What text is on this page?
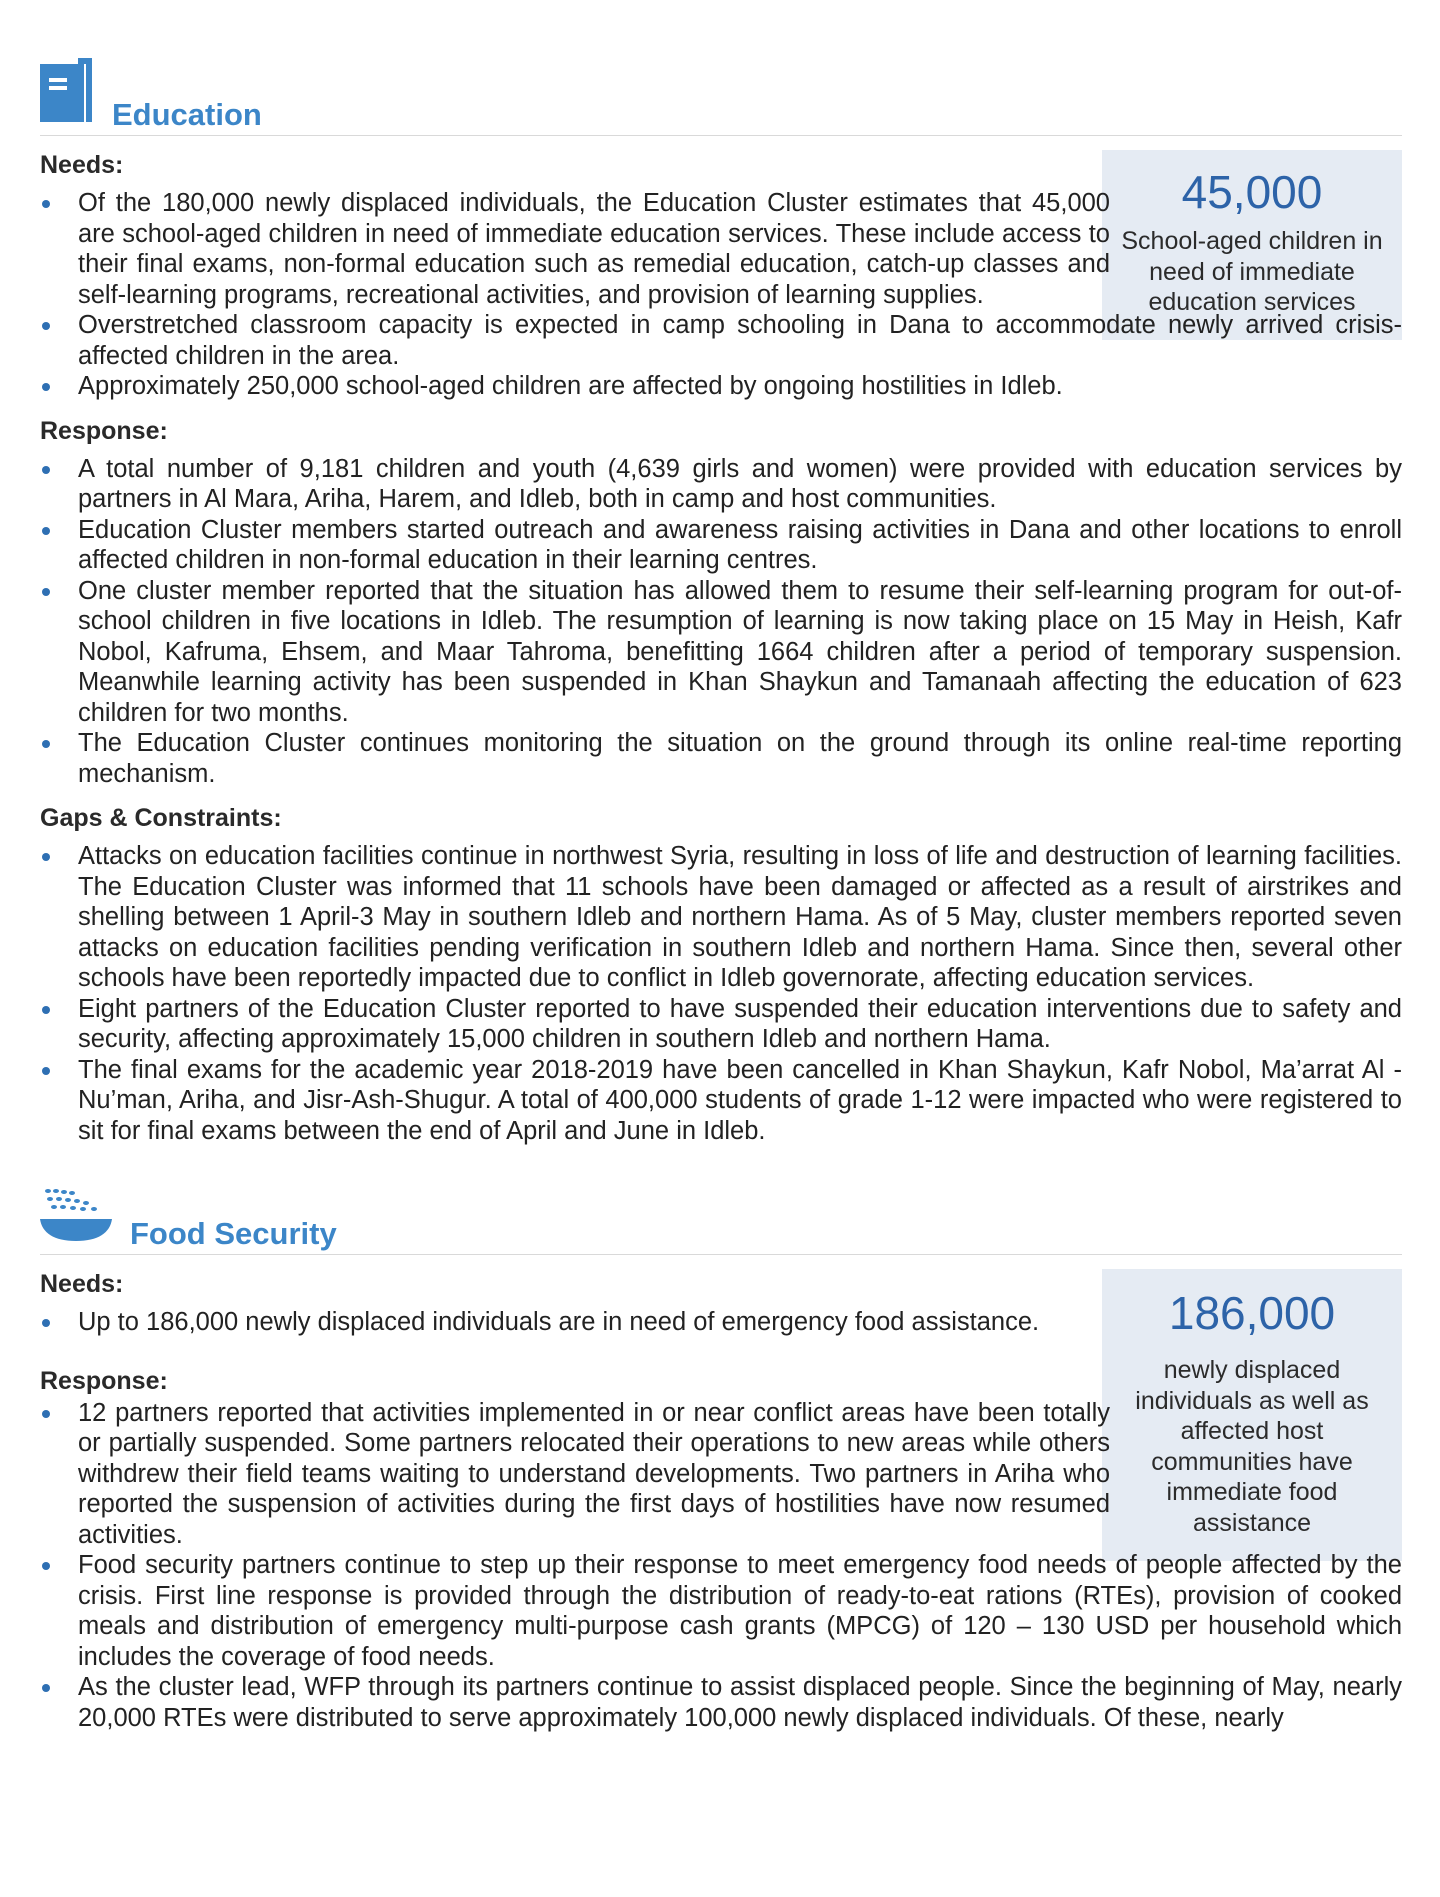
Education
45,000
School-aged children in need of immediate education services
Needs:
Of the 180,000 newly displaced individuals, the Education Cluster estimates that 45,000 are school-aged children in need of immediate education services. These include access to their final exams, non-formal education such as remedial education, catch-up classes and self-learning programs, recreational activities, and provision of learning supplies.
Overstretched classroom capacity is expected in camp schooling in Dana to accommodate newly arrived crisis-affected children in the area.
Approximately 250,000 school-aged children are affected by ongoing hostilities in Idleb.
Response:
A total number of 9,181 children and youth (4,639 girls and women) were provided with education services by partners in Al Mara, Ariha, Harem, and Idleb, both in camp and host communities.
Education Cluster members started outreach and awareness raising activities in Dana and other locations to enroll affected children in non-formal education in their learning centres.
One cluster member reported that the situation has allowed them to resume their self-learning program for out-of-school children in five locations in Idleb. The resumption of learning is now taking place on 15 May in Heish, Kafr Nobol, Kafruma, Ehsem, and Maar Tahroma, benefitting 1664 children after a period of temporary suspension. Meanwhile learning activity has been suspended in Khan Shaykun and Tamanaah affecting the education of 623 children for two months.
The Education Cluster continues monitoring the situation on the ground through its online real-time reporting mechanism.
Gaps & Constraints:
Attacks on education facilities continue in northwest Syria, resulting in loss of life and destruction of learning facilities. The Education Cluster was informed that 11 schools have been damaged or affected as a result of airstrikes and shelling between 1 April-3 May in southern Idleb and northern Hama. As of 5 May, cluster members reported seven attacks on education facilities pending verification in southern Idleb and northern Hama. Since then, several other schools have been reportedly impacted due to conflict in Idleb governorate, affecting education services.
Eight partners of the Education Cluster reported to have suspended their education interventions due to safety and security, affecting approximately 15,000 children in southern Idleb and northern Hama.
The final exams for the academic year 2018-2019 have been cancelled in Khan Shaykun, Kafr Nobol, Ma’arrat Al -Nu’man, Ariha, and Jisr-Ash-Shugur. A total of 400,000 students of grade 1-12 were impacted who were registered to sit for final exams between the end of April and June in Idleb.
Food Security
186,000
newly displaced individuals as well as affected host communities have immediate food assistance
Needs:
Up to 186,000 newly displaced individuals are in need of emergency food assistance.
Response:
12 partners reported that activities implemented in or near conflict areas have been totally or partially suspended. Some partners relocated their operations to new areas while others withdrew their field teams waiting to understand developments. Two partners in Ariha who reported the suspension of activities during the first days of hostilities have now resumed activities.
Food security partners continue to step up their response to meet emergency food needs of people affected by the crisis. First line response is provided through the distribution of ready-to-eat rations (RTEs), provision of cooked meals and distribution of emergency multi-purpose cash grants (MPCG) of 120 – 130 USD per household which includes the coverage of food needs.
As the cluster lead, WFP through its partners continue to assist displaced people. Since the beginning of May, nearly 20,000 RTEs were distributed to serve approximately 100,000 newly displaced individuals. Of these, nearly
